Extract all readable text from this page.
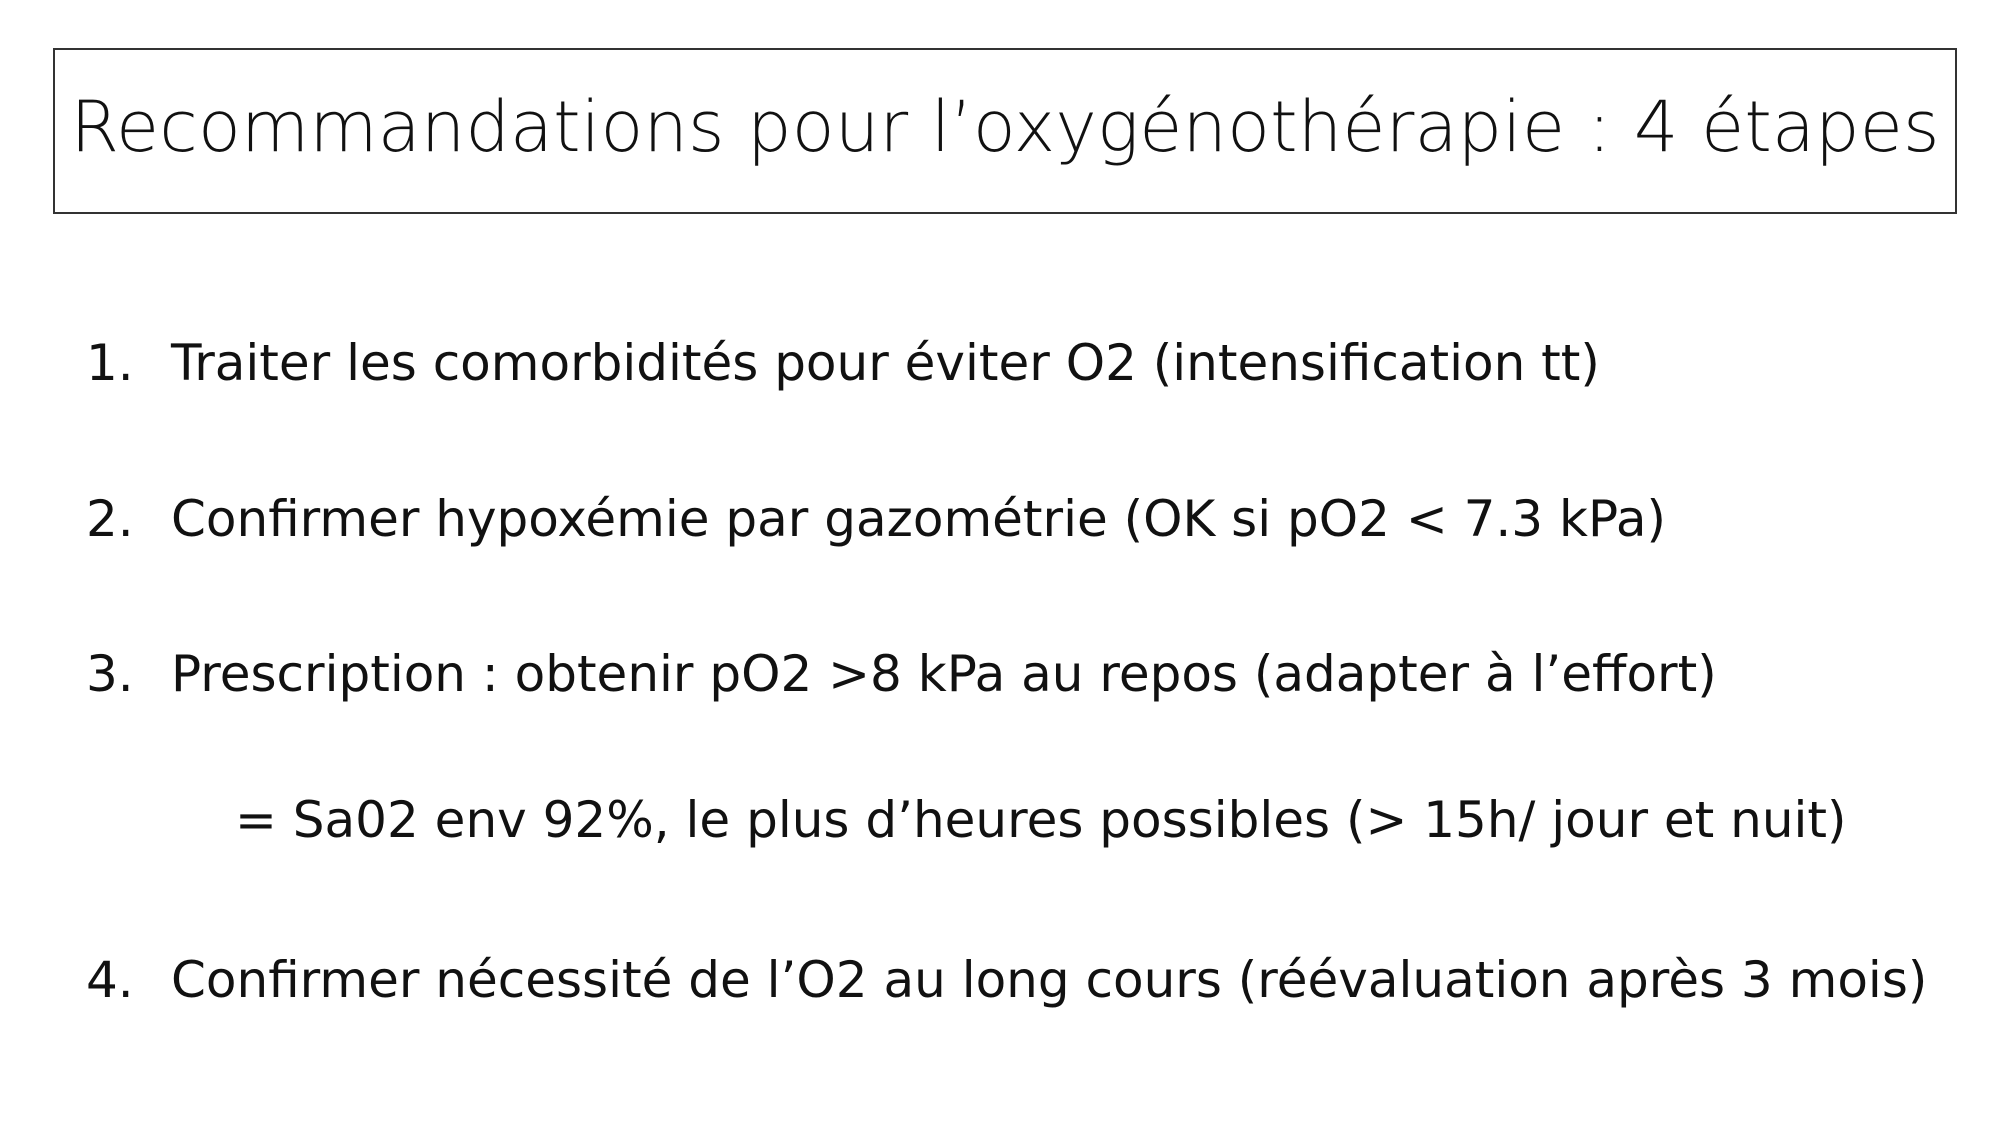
Recommandations pour l’oxygénothérapie : 4 étapes
1. Traiter les comorbidités pour éviter O2 (intensification tt)
2. Confirmer hypoxémie par gazométrie (OK si pO2 < 7.3 kPa)
3. Prescription : obtenir pO2 >8 kPa au repos (adapter à l’effort)
= Sa02 env 92%, le plus d’heures possibles (> 15h/ jour et nuit)
4. Confirmer nécessité de l’O2 au long cours (réévaluation après 3 mois)
